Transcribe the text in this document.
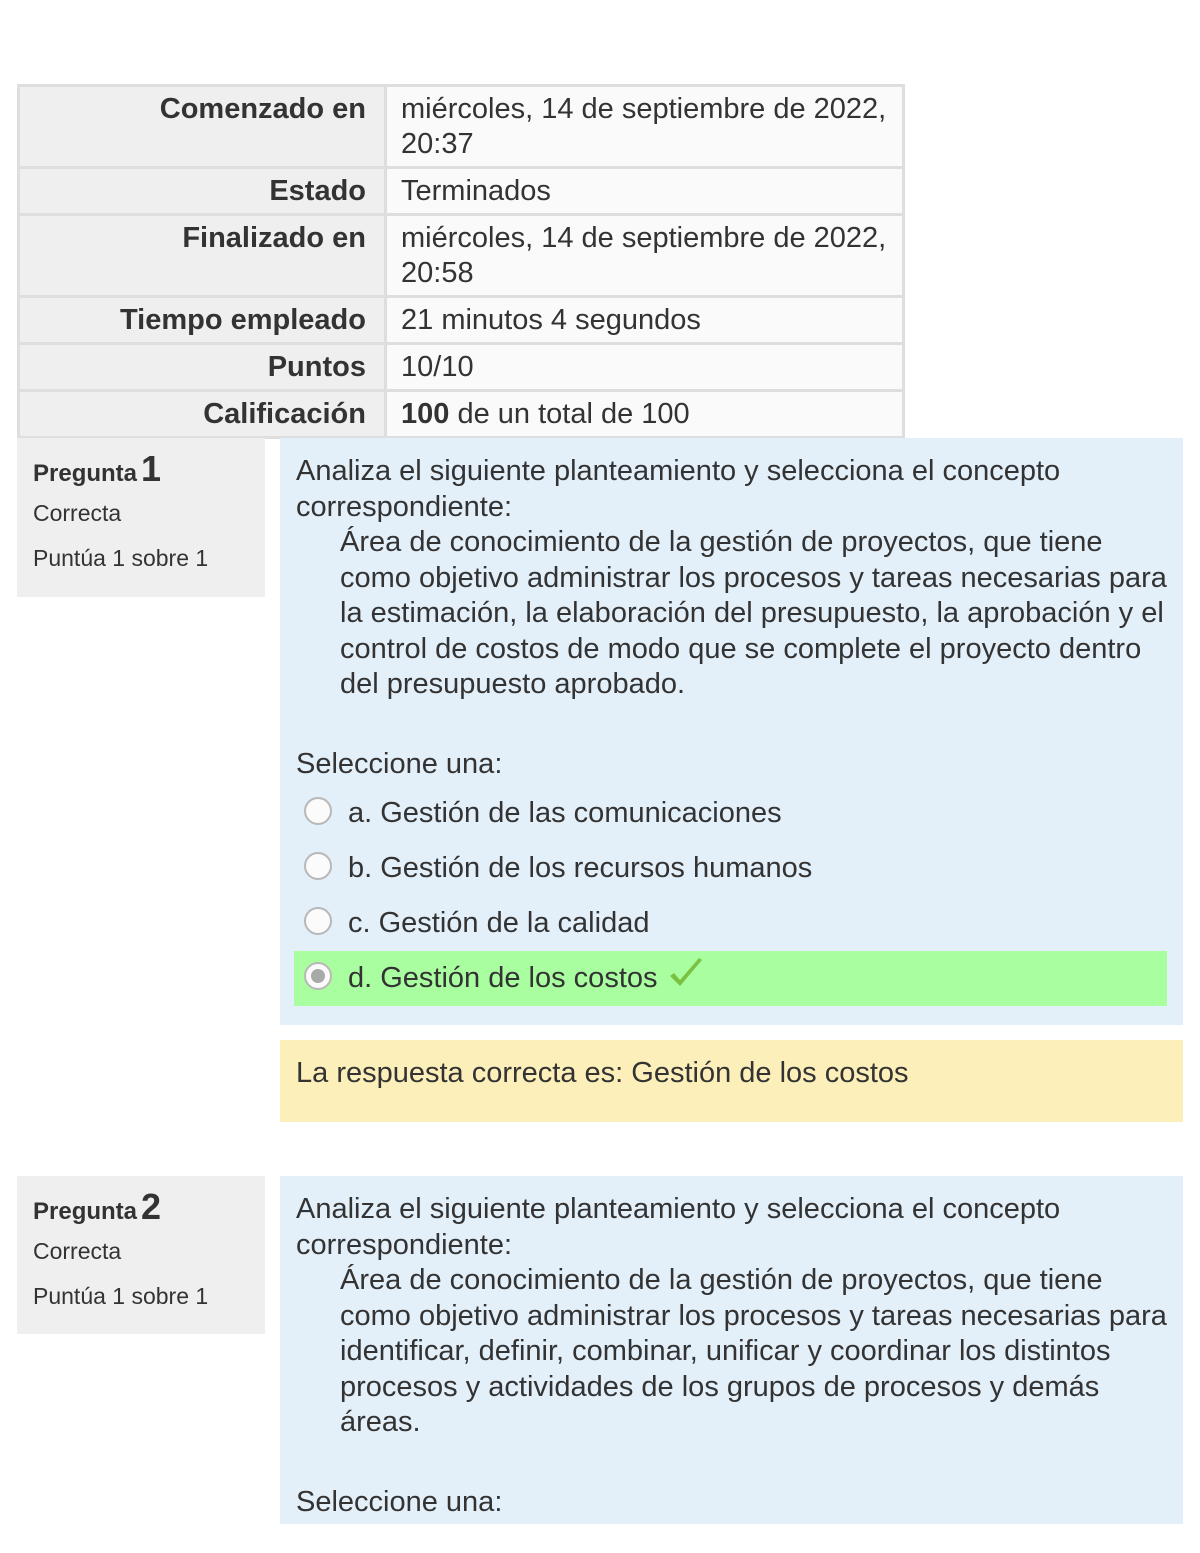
Comenzado en	miércoles, 14 de septiembre de 2022, 20:37
Estado	Terminados
Finalizado en	miércoles, 14 de septiembre de 2022, 20:58
Tiempo empleado	21 minutos 4 segundos
Puntos	10/10
Calificación	100 de un total de 100
Pregunta 1
Correcta
Puntúa 1 sobre 1

Analiza el siguiente planteamiento y selecciona el concepto correspondiente:

Área de conocimiento de la gestión de proyectos, que tiene como objetivo administrar los procesos y tareas necesarias para la estimación, la elaboración del presupuesto, la aprobación y el control de costos de modo que se complete el proyecto dentro del presupuesto aprobado.

Seleccione una:
a. Gestión de las comunicaciones
b. Gestión de los recursos humanos
c. Gestión de la calidad
d. Gestión de los costos
La respuesta correcta es: Gestión de los costos
Pregunta 2
Correcta
Puntúa 1 sobre 1

Analiza el siguiente planteamiento y selecciona el concepto correspondiente:

Área de conocimiento de la gestión de proyectos, que tiene como objetivo administrar los procesos y tareas necesarias para identificar, definir, combinar, unificar y coordinar los distintos procesos y actividades de los grupos de procesos y demás áreas.

Seleccione una:
